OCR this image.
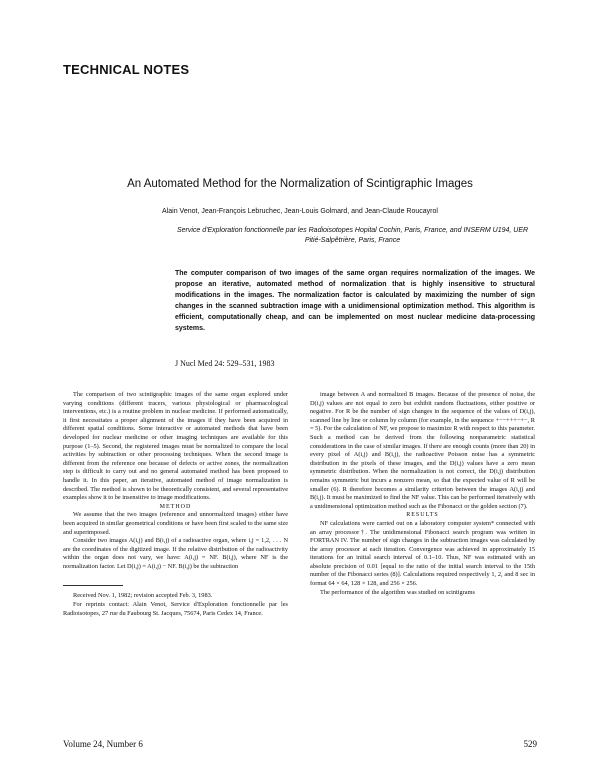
TECHNICAL NOTES
An Automated Method for the Normalization of Scintigraphic Images
Alain Venot, Jean-François Lebruchec, Jean-Louis Golmard, and Jean-Claude Roucayrol
Service d'Exploration fonctionnelle par les Radioisotopes Hopital Cochin, Paris, France, and INSERM U194, UER Pitié-Salpêtrière, Paris, France
The computer comparison of two images of the same organ requires normalization of the images. We propose an iterative, automated method of normalization that is highly insensitive to structural modifications in the images. The normalization factor is calculated by maximizing the number of sign changes in the scanned subtraction image with a unidimensional optimization method. This algorithm is efficient, computationally cheap, and can be implemented on most nuclear medicine data-processing systems.
J Nucl Med 24: 529–531, 1983

The comparison of two scintigraphic images of the same organ explored under varying conditions (different tracers, various physiological or pharmacological interventions, etc.) is a routine problem in nuclear medicine. If performed automatically, it first necessitates a proper alignment of the images if they have been acquired in different spatial conditions. Some interactive or automated methods that have been developed for nuclear medicine or other imaging techniques are available for this purpose (1–5). Second, the registered images must be normalized to compare the local activities by subtraction or other processing techniques. When the second image is different from the reference one because of defects or active zones, the normalization step is difficult to carry out and no general automated method has been proposed to handle it. In this paper, an iterative, automated method of image normalization is described. The method is shown to be theoretically consistent, and several representative examples show it to be insensitive to image modifications.

METHOD

We assume that the two images (reference and unnormalized images) either have been acquired in similar geometrical conditions or have been first scaled to the same size and superimposed.

Consider two images A(i,j) and B(i,j) of a radioactive organ, where i,j = 1,2, . . . N are the coordinates of the digitized image. If the relative distribution of the radioactivity within the organ does not vary, we have: A(i,j) = NF. B(i,j), where NF is the normalization factor. Let D(i,j) = A(i,j) − NF. B(i,j) be the subtraction

Received Nov. 1, 1982; revision accepted Feb. 3, 1983.

For reprints contact: Alain Venot, Service d'Exploration fonctionnelle par les Radioisotopes, 27 rue du Faubourg St. Jacques, 75674, Paris Cedex 14, France.

image between A and normalized B images. Because of the presence of noise, the D(i,j) values are not equal to zero but exhibit random fluctuations, either positive or negative. For R be the number of sign changes in the sequence of the values of D(i,j), scanned line by line or column by column (for example, in the sequence +−−+++−+−, R = 5). For the calculation of NF, we propose to maximize R with respect to this parameter. Such a method can be derived from the following nonparametric statistical considerations in the case of similar images. If there are enough counts (more than 20) in every pixel of A(i,j) and B(i,j), the radioactive Poisson noise has a symmetric distribution in the pixels of these images, and the D(i,j) values have a zero mean symmetric distribution. When the normalization is not correct, the D(i,j) distribution remains symmetric but incurs a nonzero mean, so that the expected value of R will be smaller (6). R therefore becomes a similarity criterion between the images A(i,j) and B(i,j). It must be maximized to find the NF value. This can be performed iteratively with a unidimensional optimization method such as the Fibonacci or the golden section (7).

RESULTS

NF calculations were carried out on a laboratory computer system* connected with an array processor†. The unidimensional Fibonacci search program was written in FORTRAN IV. The number of sign changes in the subtraction images was calculated by the array processor at each iteration. Convergence was achieved in approximately 15 iterations for an initial search interval of 0.1–10. Thus, NF was estimated with an absolute precision of 0.01 [equal to the ratio of the initial search interval to the 15th number of the Fibonacci series (8)]. Calculations required respectively 1, 2, and 8 sec in format 64 × 64, 128 × 128, and 256 × 256.

The performance of the algorithm was studied on scintigrams

Volume 24, Number 6	529
